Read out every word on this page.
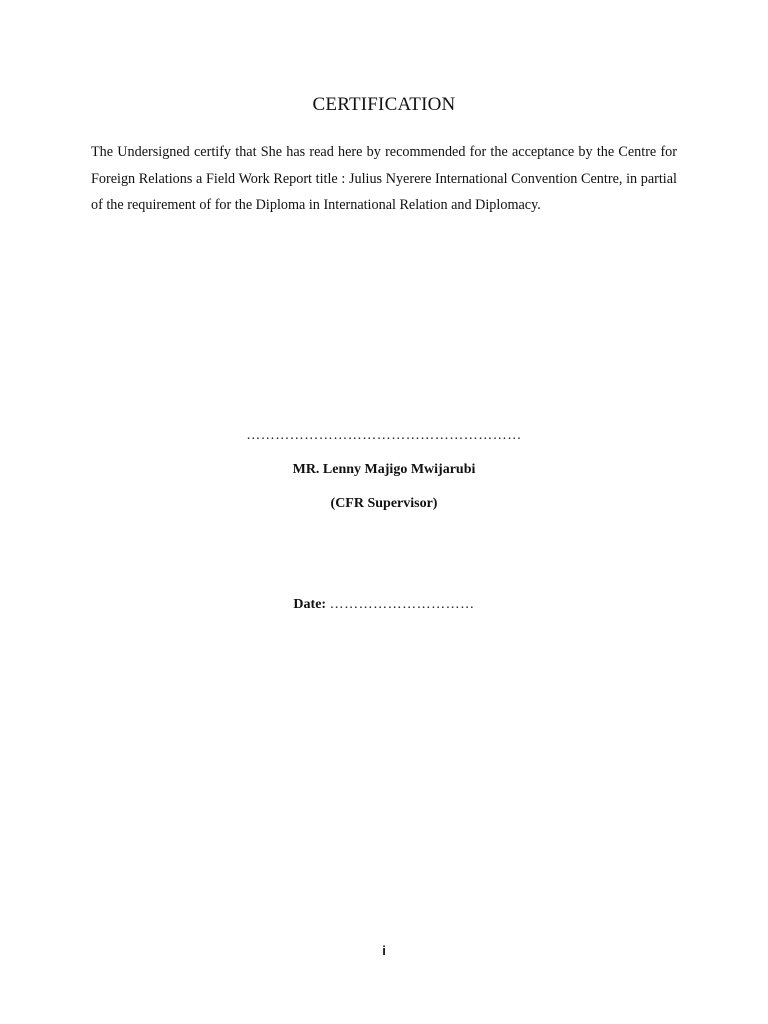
CERTIFICATION
The Undersigned certify that She has read here by recommended for the acceptance by the Centre for Foreign Relations a Field Work Report title : Julius Nyerere International Convention Centre, in partial of the requirement of for the Diploma in International Relation and Diplomacy.
…………………………………………………
MR. Lenny Majigo Mwijarubi
(CFR Supervisor)
Date: …………………………
i
